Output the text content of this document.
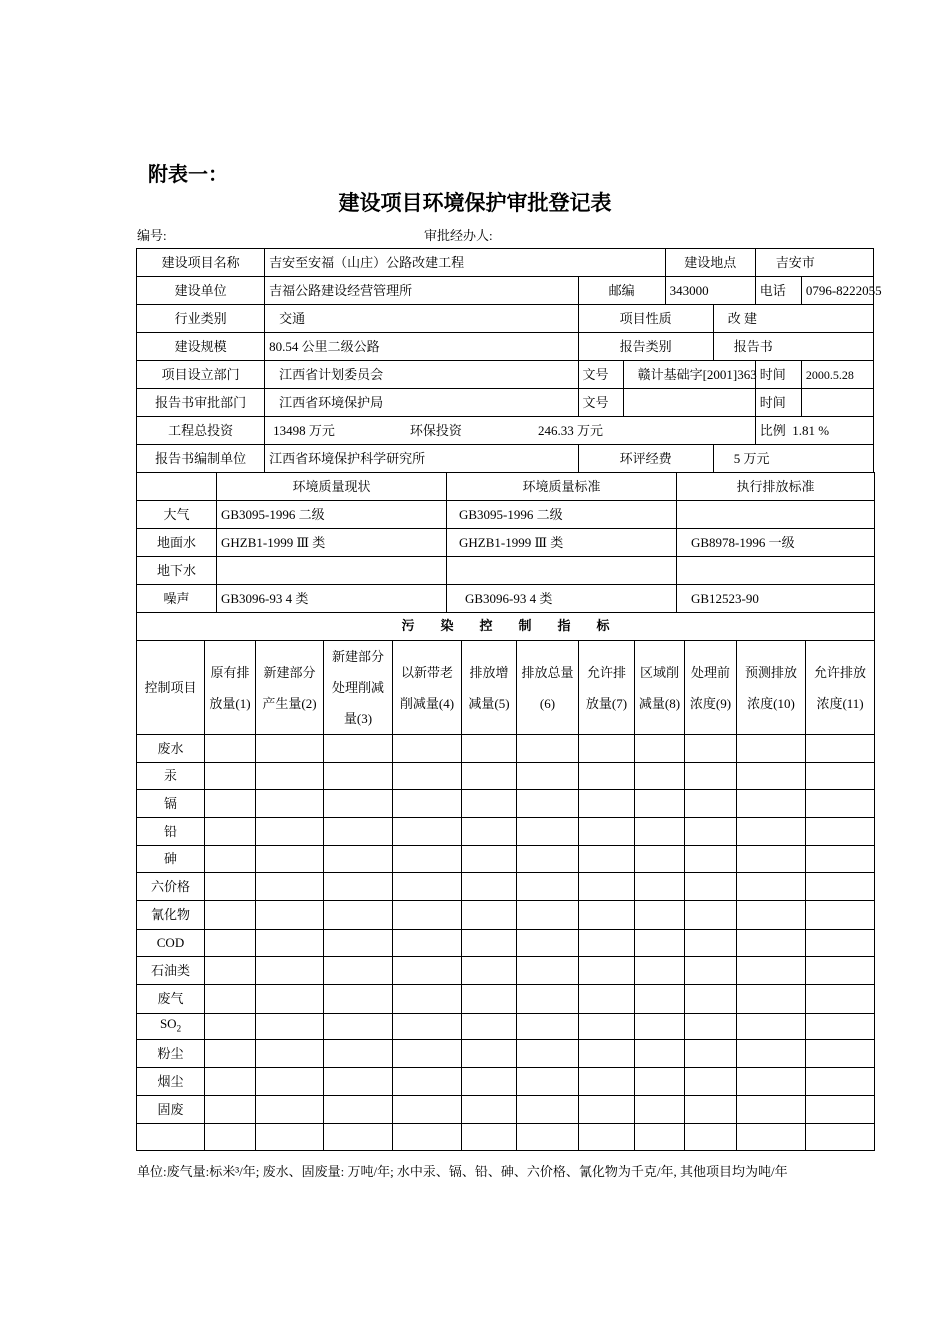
附表一：
建设项目环境保护审批登记表
编号:	审批经办人:
建设项目名称	吉安至安福（山庄）公路改建工程					建设地点		吉安市	
建设单位	吉福公路建设经营管理所			邮编		343000		电话	0796-8222055
行业类别	交通			项目性质			改 建		
建设规模	80.54 公里二级公路			报告类别			报告书		
项目设立部门	江西省计划委员会			文号	赣计基础字[2001]363			时间	2000.5.28
报告书审批部门	江西省环境保护局			文号				时间	
工程总投资	13498 万元	环保投资	246.33 万元					比例 1.81 %	
报告书编制单位	江西省环境保护科学研究所			环评经费			5 万元		
	环境质量现状	环境质量标准	执行排放标准
大气	GB3095-1996 二级	GB3095-1996 二级	
地面水	GHZB1-1999 Ⅲ 类	GHZB1-1999 Ⅲ 类	GB8978-1996 一级
地下水			
噪声	GB3096-93 4 类	GB3096-93 4 类	GB12523-90
污　　染　　控　　制　　指　　标											
控制项目	原有排放量(1)	新建部分产生量(2)	新建部分处理削减量(3)	以新带老削减量(4)	排放增减量(5)	排放总量(6)	允许排放量(7)	区域削减量(8)	处理前浓度(9)	预测排放浓度(10)	允许排放浓度(11)
废水											
汞											
镉											
铅											
砷											
六价格											
氰化物											
COD											
石油类											
废气											
$SO_2$											
粉尘											
烟尘											
固废											

单位:废气量:标米³/年; 废水、固废量: 万吨/年; 水中汞、镉、铅、砷、六价格、氰化物为千克/年, 其他项目均为吨/年
